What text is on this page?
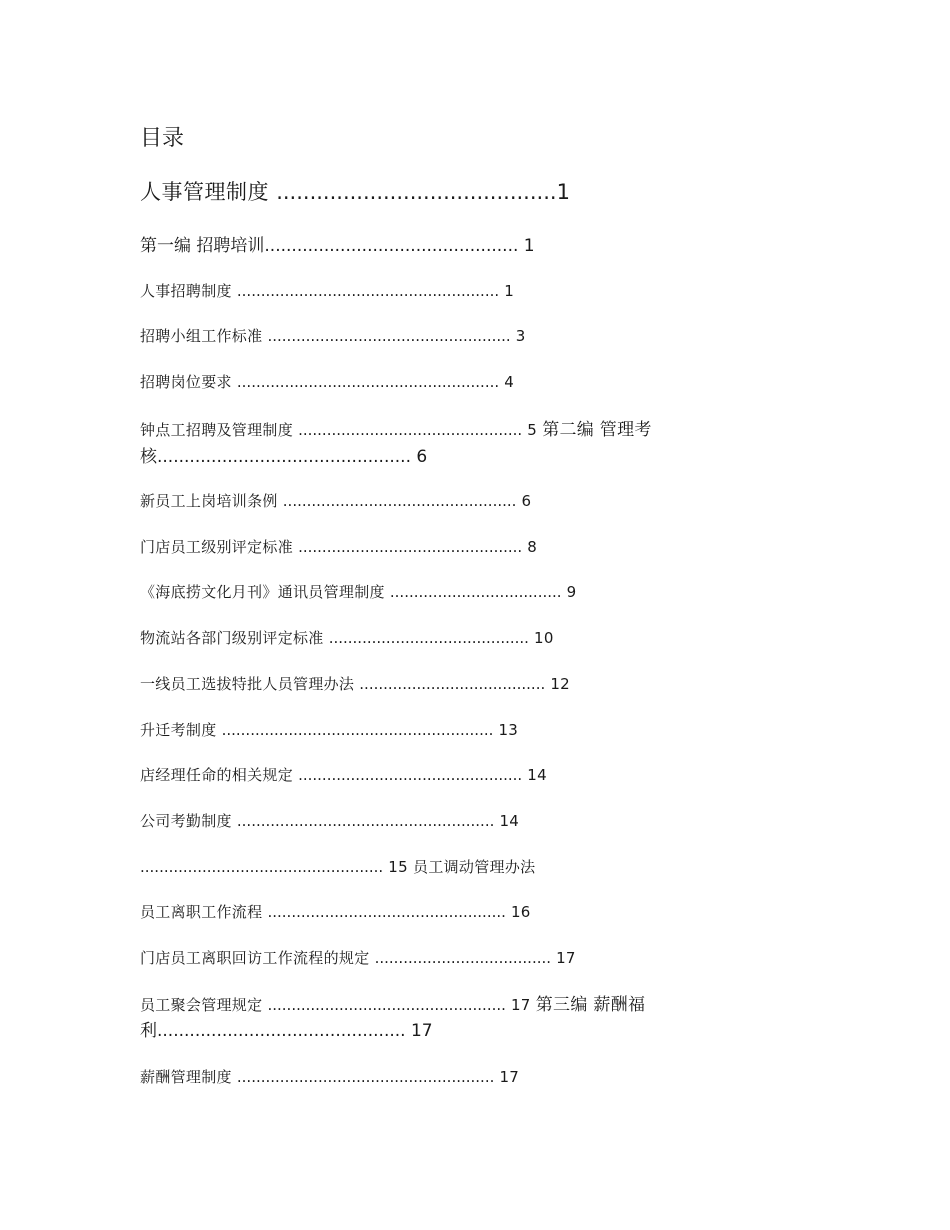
目录
人事管理制度 ..........................................1
第一编 招聘培训............................................... 1
人事招聘制度 ....................................................... 1
招聘小组工作标准 ................................................... 3
招聘岗位要求 ....................................................... 4
钟点工招聘及管理制度 ............................................... 5 第二编 管理考
核............................................... 6
新员工上岗培训条例 ................................................. 6
门店员工级别评定标准 ............................................... 8
《海底捞文化月刊》通讯员管理制度 .................................... 9
物流站各部门级别评定标准 .......................................... 10
一线员工选拔特批人员管理办法 ....................................... 12
升迁考制度 ......................................................... 13
店经理任命的相关规定 ............................................... 14
公司考勤制度 ...................................................... 14
................................................... 15 员工调动管理办法
员工离职工作流程 .................................................. 16
门店员工离职回访工作流程的规定 ..................................... 17
员工聚会管理规定 .................................................. 17 第三编 薪酬福
利.............................................. 17
薪酬管理制度 ...................................................... 17
